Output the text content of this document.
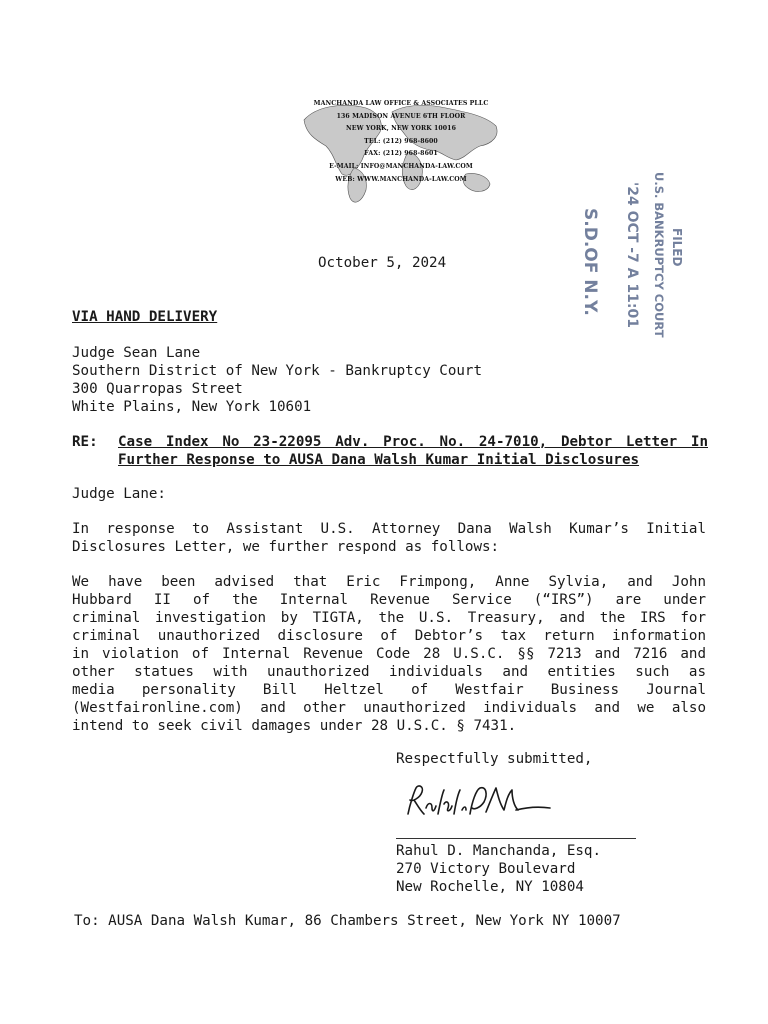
MANCHANDA LAW OFFICE & ASSOCIATES PLLC
136 MADISON AVENUE 6TH FLOOR
NEW YORK, NEW YORK 10016
TEL: (212) 968-8600
FAX: (212) 968-8601
E-MAIL: INFO@MANCHANDA-LAW.COM
WEB: WWW.MANCHANDA-LAW.COM
FILED
U.S. BANKRUPTCY COURT
'24 OCT -7 A 11:01
S.D.OF N.Y.
October 5, 2024
VIA HAND DELIVERY
Judge Sean Lane
Southern District of New York - Bankruptcy Court
300 Quarropas Street
White Plains, New York 10601
RE: Case Index No 23-22095 Adv. Proc. No. 24-7010, Debtor Letter In
Further Response to AUSA Dana Walsh Kumar Initial Disclosures
Judge Lane:
In response to Assistant U.S. Attorney Dana Walsh Kumar’s Initial
Disclosures Letter, we further respond as follows:
We have been advised that Eric Frimpong, Anne Sylvia, and John
Hubbard II of the Internal Revenue Service (“IRS”) are under
criminal investigation by TIGTA, the U.S. Treasury, and the IRS for
criminal unauthorized disclosure of Debtor’s tax return information
in violation of Internal Revenue Code 28 U.S.C. §§ 7213 and 7216 and
other statues with unauthorized individuals and entities such as
media personality Bill Heltzel of Westfair Business Journal
(Westfaironline.com) and other unauthorized individuals and we also
intend to seek civil damages under 28 U.S.C. § 7431.
Respectfully submitted,
Rahul D. Manchanda, Esq.
270 Victory Boulevard
New Rochelle, NY 10804
To: AUSA Dana Walsh Kumar, 86 Chambers Street, New York NY 10007
